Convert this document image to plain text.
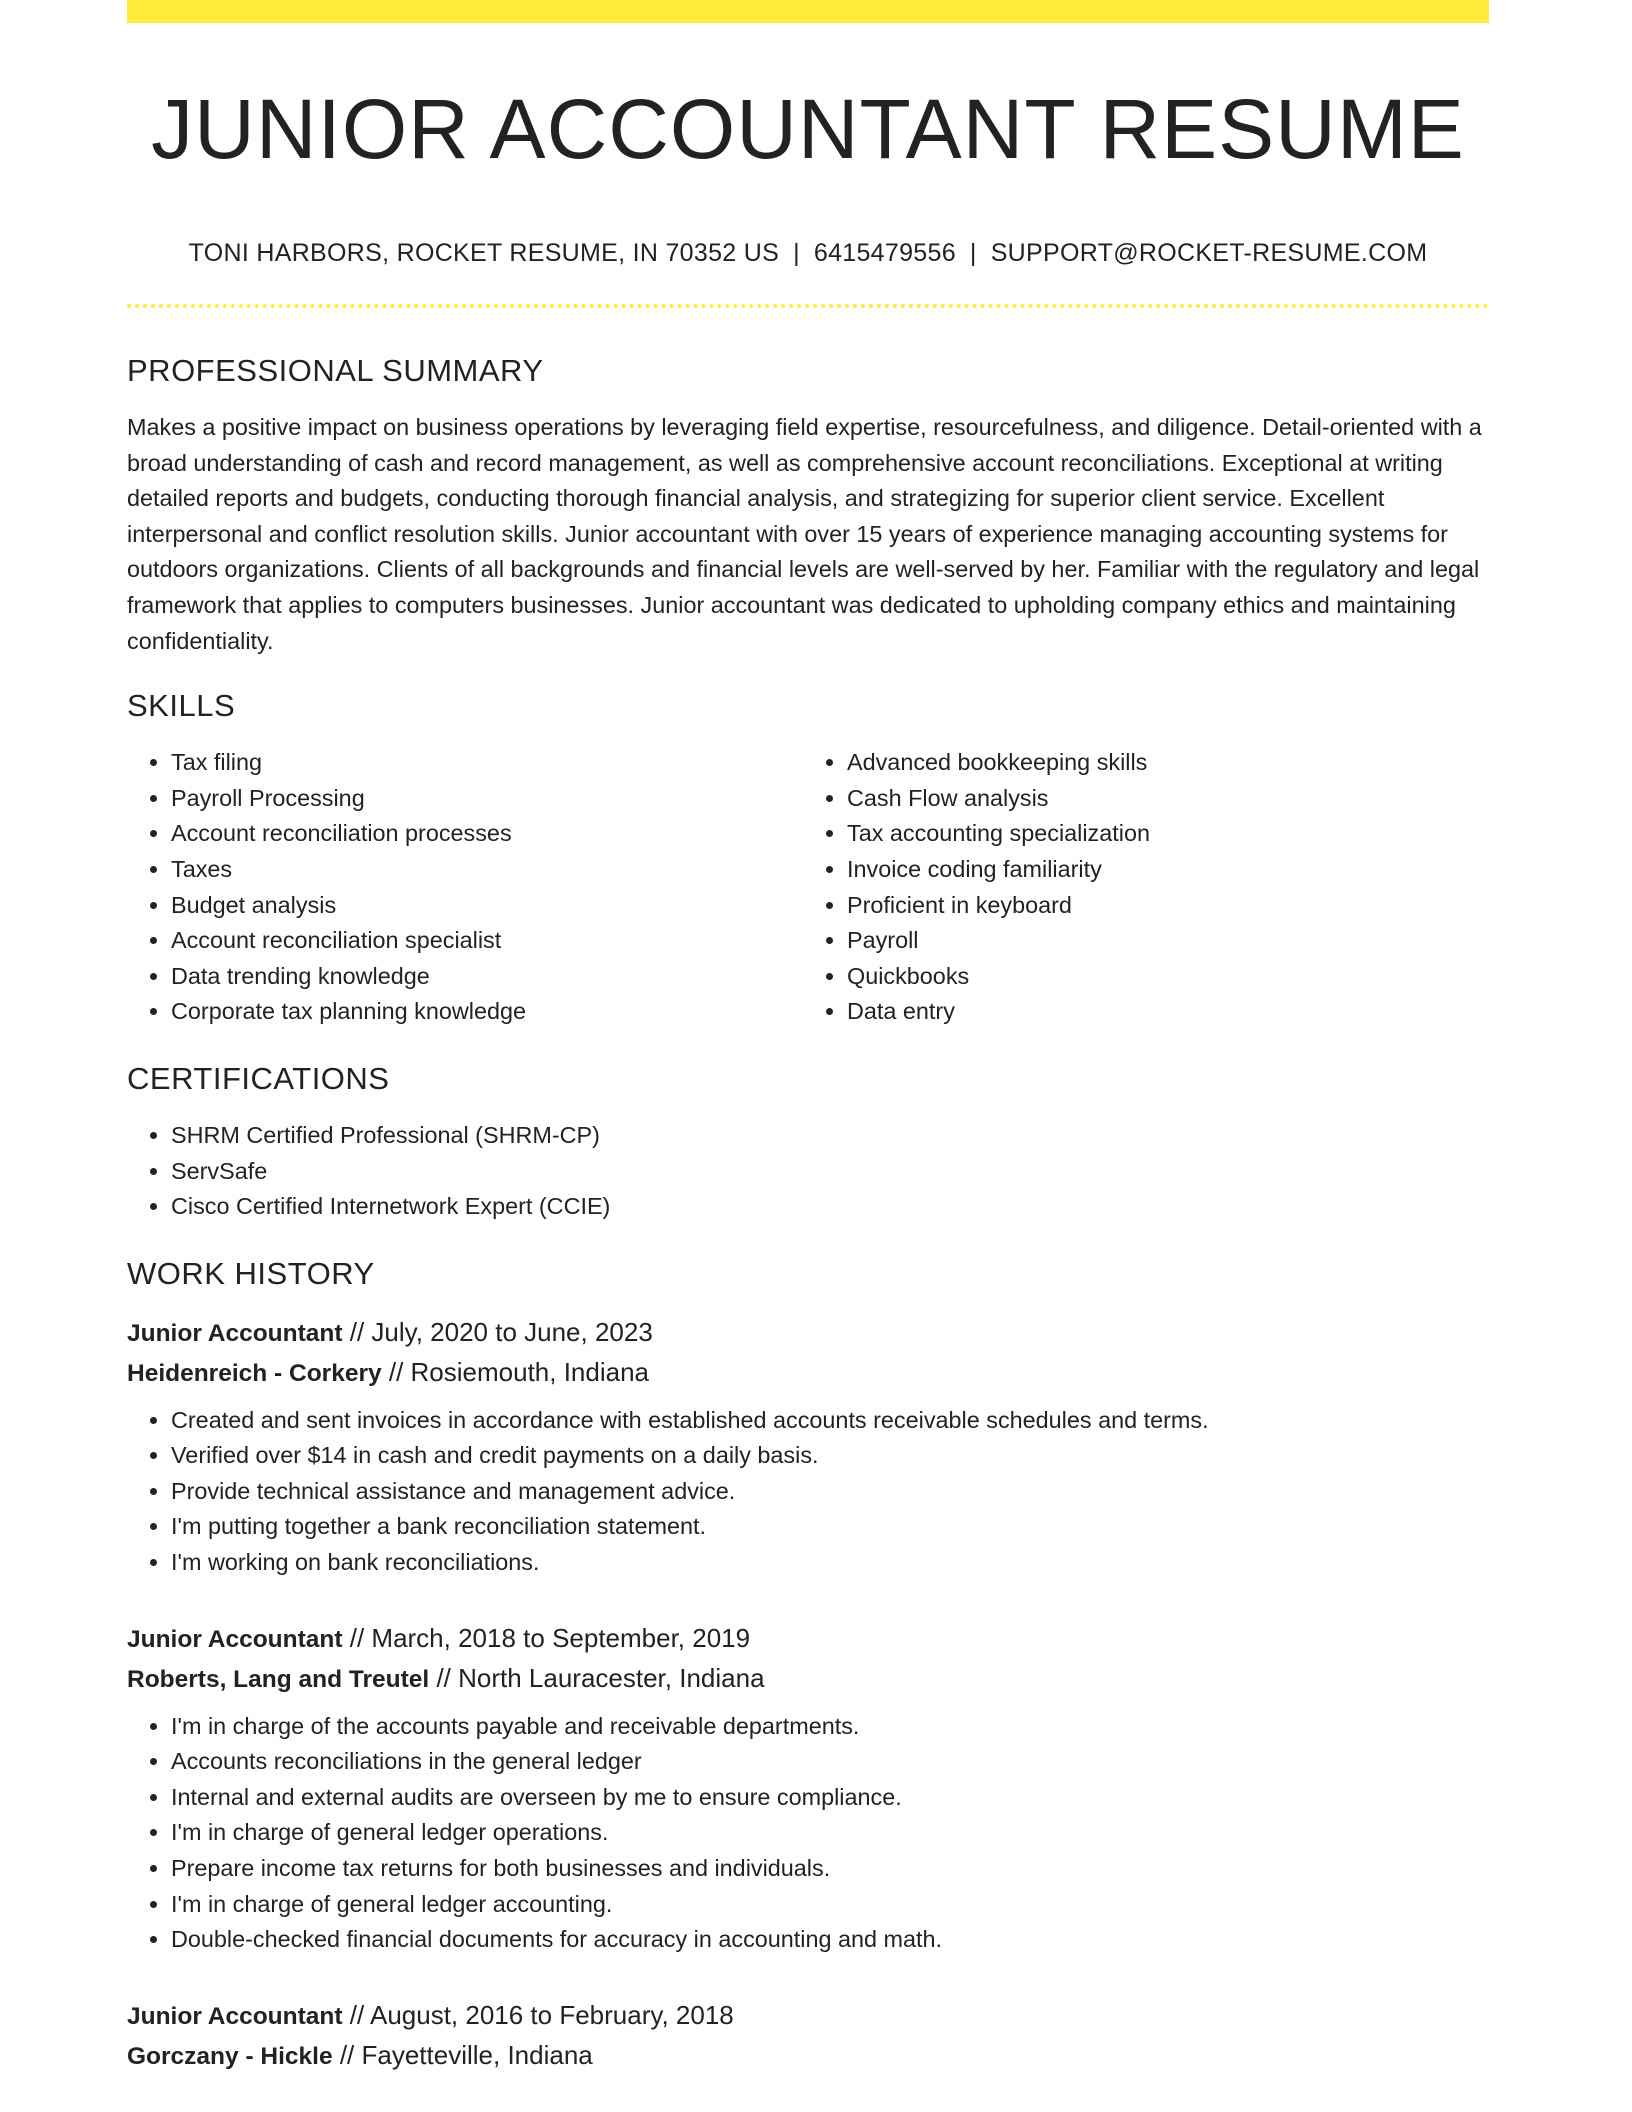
JUNIOR ACCOUNTANT RESUME
TONI HARBORS, ROCKET RESUME, IN 70352 US | 6415479556 | SUPPORT@ROCKET-RESUME.COM
PROFESSIONAL SUMMARY
Makes a positive impact on business operations by leveraging field expertise, resourcefulness, and diligence. Detail-oriented with a broad understanding of cash and record management, as well as comprehensive account reconciliations. Exceptional at writing detailed reports and budgets, conducting thorough financial analysis, and strategizing for superior client service. Excellent interpersonal and conflict resolution skills. Junior accountant with over 15 years of experience managing accounting systems for outdoors organizations. Clients of all backgrounds and financial levels are well-served by her. Familiar with the regulatory and legal framework that applies to computers businesses. Junior accountant was dedicated to upholding company ethics and maintaining confidentiality.
SKILLS
• Tax filing
• Payroll Processing
• Account reconciliation processes
• Taxes
• Budget analysis
• Account reconciliation specialist
• Data trending knowledge
• Corporate tax planning knowledge
• Advanced bookkeeping skills
• Cash Flow analysis
• Tax accounting specialization
• Invoice coding familiarity
• Proficient in keyboard
• Payroll
• Quickbooks
• Data entry
CERTIFICATIONS
• SHRM Certified Professional (SHRM-CP)
• ServSafe
• Cisco Certified Internetwork Expert (CCIE)
WORK HISTORY
Junior Accountant // July, 2020 to June, 2023
Heidenreich - Corkery // Rosiemouth, Indiana
• Created and sent invoices in accordance with established accounts receivable schedules and terms.
• Verified over $14 in cash and credit payments on a daily basis.
• Provide technical assistance and management advice.
• I'm putting together a bank reconciliation statement.
• I'm working on bank reconciliations.
Junior Accountant // March, 2018 to September, 2019
Roberts, Lang and Treutel // North Lauracester, Indiana
• I'm in charge of the accounts payable and receivable departments.
• Accounts reconciliations in the general ledger
• Internal and external audits are overseen by me to ensure compliance.
• I'm in charge of general ledger operations.
• Prepare income tax returns for both businesses and individuals.
• I'm in charge of general ledger accounting.
• Double-checked financial documents for accuracy in accounting and math.
Junior Accountant // August, 2016 to February, 2018
Gorczany - Hickle // Fayetteville, Indiana
